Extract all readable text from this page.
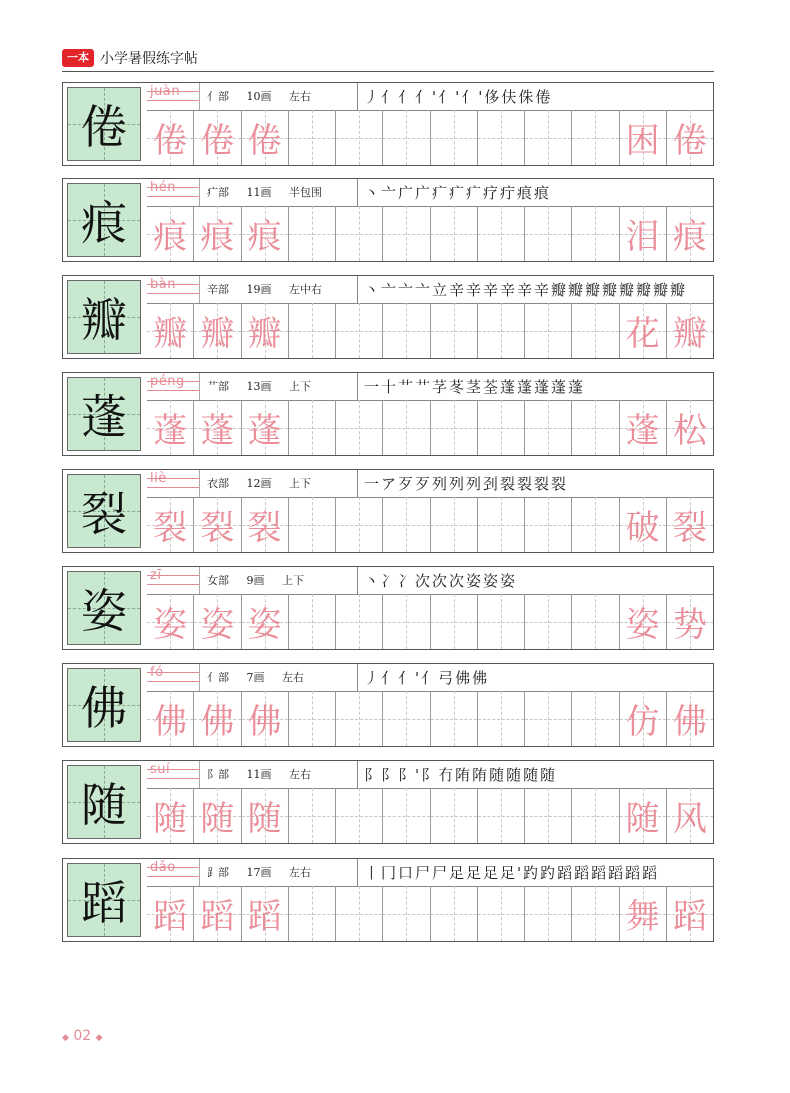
一本 小学暑假练字帖
倦
juàn 亻部 10画 左右	丿亻亻亻'亻'亻'侈伕侏倦
倦 倦 倦	困 倦
痕
hén	疒部 11画 半包围	丶亠广广疒疒疒疗疔痕痕
痕 痕 痕	泪 痕
瓣
bàn	辛部 19画 左中右	丶亠亠亠立辛辛辛辛辛辛瓣瓣瓣瓣瓣瓣瓣瓣
瓣 瓣 瓣	花 瓣
蓬
péng 艹部 13画 上下	一十艹艹芓苳茎荃蓬蓬蓬蓬蓬
蓬 蓬 蓬	蓬 松
裂
liè	衣部 12画 上下	一ア歹歹列列列刭裂裂裂裂
裂 裂 裂	破 裂
姿
zī	女部 9画 上下	丶冫冫次次次姿姿姿
姿 姿 姿	姿 势
佛
fó	亻部 7画 左右	丿亻亻'亻弓佛佛
佛 佛 佛	仿 佛
随
suí	阝部 11画 左右	阝阝阝'阝冇陏陏随随随随
随 随 随	随 风
蹈
dǎo	⻊部 17画 左右	丨冂口尸尸足足足足'趵趵蹈蹈蹈蹈蹈蹈
蹈 蹈 蹈	舞 蹈
◆ 02 ◆
